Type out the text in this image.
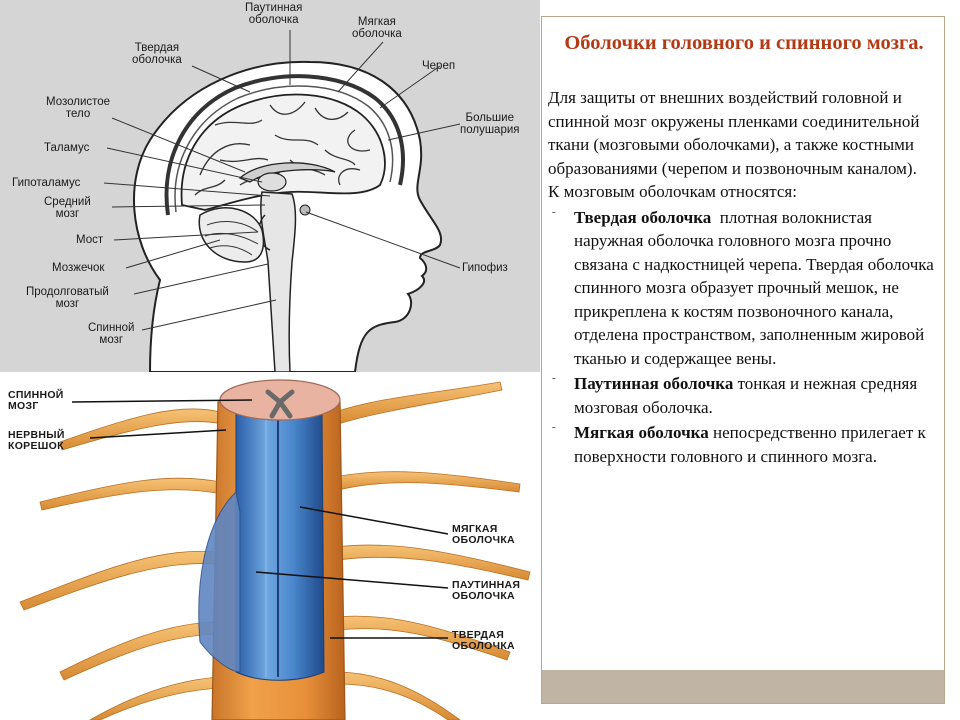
Паутинная
оболочка	Мягкая
оболочка
Твердая
оболочка	Череп
Мозолистое
тело	Большие
полушария
Таламус
Гипоталамус
Средний
мозг
Мост
Мозжечок
Продолговатый
мозг
Спинной
мозг
Гипофиз
СПИННОЙ
МОЗГ
НЕРВНЫЙ
КОРЕШОК
МЯГКАЯ
ОБОЛОЧКА
ПАУТИННАЯ
ОБОЛОЧКА
ТВЕРДАЯ
ОБОЛОЧКА
Оболочки головного и спинного мозга.

Для защиты от внешних воздействий головной и спинной мозг окружены пленками соединительной ткани (мозговыми оболочками), а также костными образованиями (черепом и позвоночным каналом).

К мозговым оболочкам относятся:

- Твердая оболочка  плотная волокнистая наружная оболочка головного мозга прочно связана с надкостницей черепа. Твердая оболочка спинного мозга образует прочный мешок, не прикреплена к костям позвоночного канала, отделена пространством, заполненным жировой тканью и содержащее вены.
- Паутинная оболочка тонкая и нежная средняя мозговая оболочка.
- Мягкая оболочка непосредственно прилегает к поверхности головного и спинного мозга.
